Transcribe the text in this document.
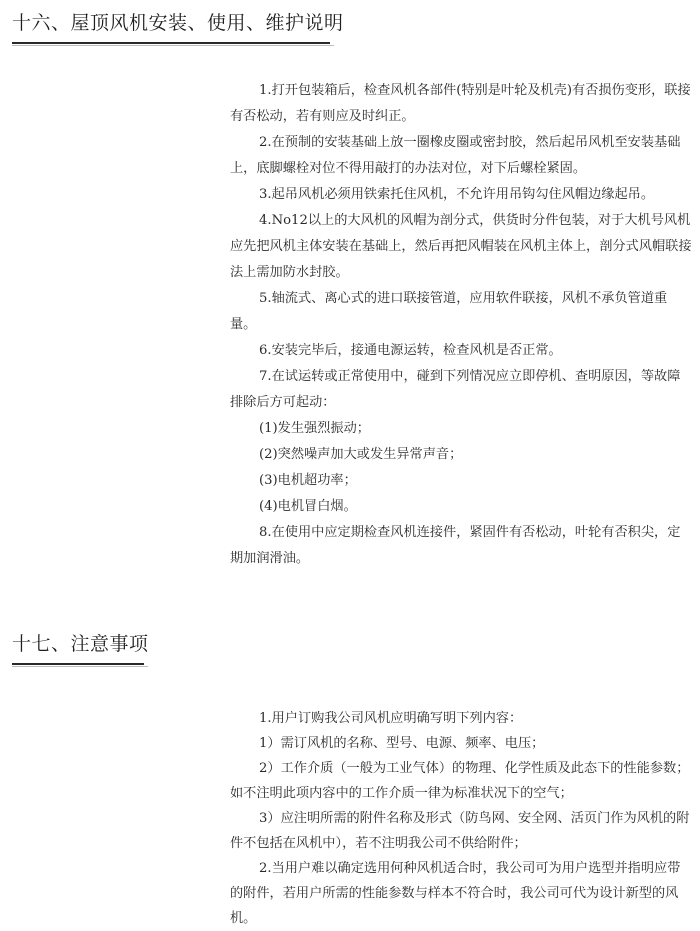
十六、屋顶风机安装、使用、维护说明

1.打开包装箱后，检查风机各部件(特别是叶轮及机壳)有否损伤变形，联接有否松动，若有则应及时纠正。

2.在预制的安装基础上放一圈橡皮圈或密封胶，然后起吊风机至安装基础上，底脚螺栓对位不得用敲打的办法对位，对下后螺栓紧固。

3.起吊风机必须用铁索托住风机，不允许用吊钩勾住风帽边缘起吊。

4.No12以上的大风机的风帽为剖分式，供货时分件包装，对于大机号风机应先把风机主体安装在基础上，然后再把风帽装在风机主体上，剖分式风帽联接法上需加防水封胶。

5.轴流式、离心式的进口联接管道，应用软件联接，风机不承负管道重量。

6.安装完毕后，接通电源运转，检查风机是否正常。

7.在试运转或正常使用中，碰到下列情况应立即停机、查明原因，等故障排除后方可起动：

(1)发生强烈振动；

(2)突然噪声加大或发生异常声音；

(3)电机超功率；

(4)电机冒白烟。

8.在使用中应定期检查风机连接件，紧固件有否松动，叶轮有否积尖，定期加润滑油。

十七、注意事项

1.用户订购我公司风机应明确写明下列内容：

1）需订风机的名称、型号、电源、频率、电压；

2）工作介质（一般为工业气体）的物理、化学性质及此态下的性能参数；如不注明此项内容中的工作介质一律为标准状况下的空气；

3）应注明所需的附件名称及形式（防鸟网、安全网、活页门作为风机的附件不包括在风机中），若不注明我公司不供给附件；

2.当用户难以确定选用何种风机适合时，我公司可为用户选型并指明应带的附件，若用户所需的性能参数与样本不符合时，我公司可代为设计新型的风机。
